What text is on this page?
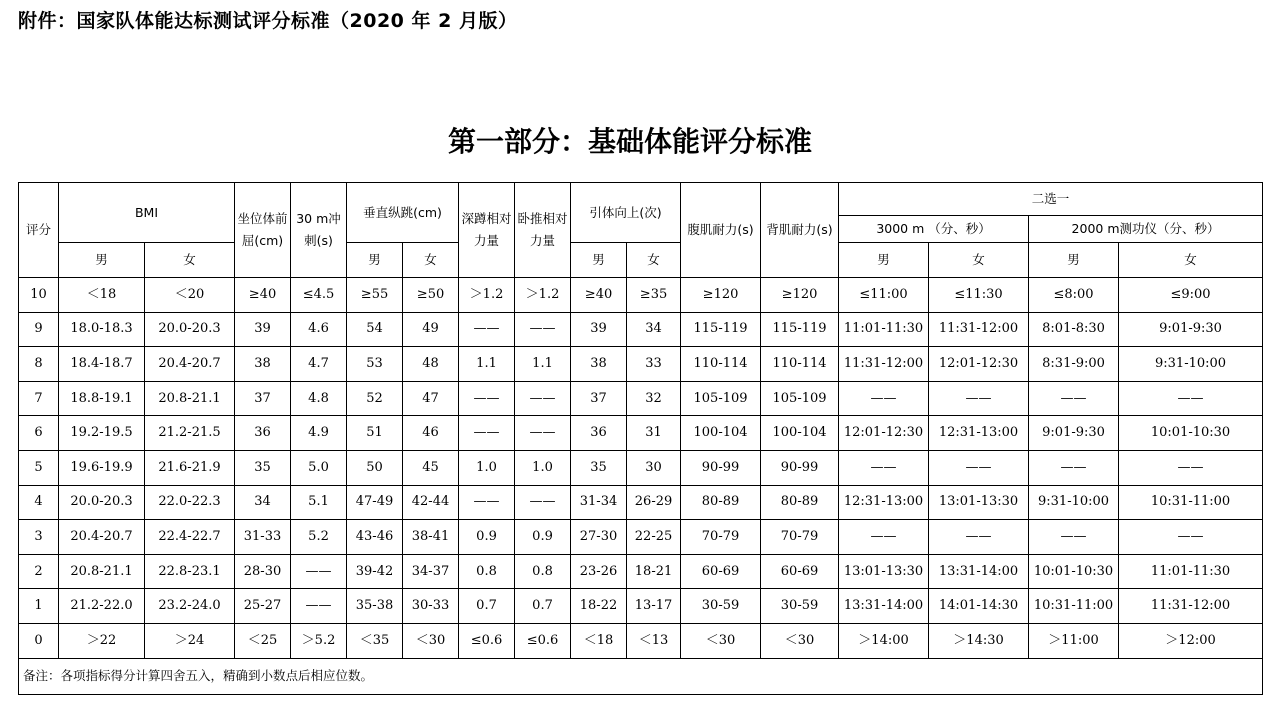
附件：国家队体能达标测试评分标准（2020 年 2 月版）
第一部分：基础体能评分标准
评分	BMI		坐位体前屈(cm)	30 m冲刺(s)	垂直纵跳(cm)		深蹲相对力量	卧推相对力量	引体向上(次)		腹肌耐力(s)	背肌耐力(s)	二选一			
													3000 m （分、秒）		2000 m测功仪（分、秒）	
	男	女			男	女			男	女			男	女	男	女
10	＜18	＜20	≥40	≤4.5	≥55	≥50	＞1.2	＞1.2	≥40	≥35	≥120	≥120	≤11:00	≤11:30	≤8:00	≤9:00
9	18.0-18.3	20.0-20.3	39	4.6	54	49	——	——	39	34	115-119	115-119	11:01-11:30	11:31-12:00	8:01-8:30	9:01-9:30
8	18.4-18.7	20.4-20.7	38	4.7	53	48	1.1	1.1	38	33	110-114	110-114	11:31-12:00	12:01-12:30	8:31-9:00	9:31-10:00
7	18.8-19.1	20.8-21.1	37	4.8	52	47	——	——	37	32	105-109	105-109	——	——	——	——
6	19.2-19.5	21.2-21.5	36	4.9	51	46	——	——	36	31	100-104	100-104	12:01-12:30	12:31-13:00	9:01-9:30	10:01-10:30
5	19.6-19.9	21.6-21.9	35	5.0	50	45	1.0	1.0	35	30	90-99	90-99	——	——	——	——
4	20.0-20.3	22.0-22.3	34	5.1	47-49	42-44	——	——	31-34	26-29	80-89	80-89	12:31-13:00	13:01-13:30	9:31-10:00	10:31-11:00
3	20.4-20.7	22.4-22.7	31-33	5.2	43-46	38-41	0.9	0.9	27-30	22-25	70-79	70-79	——	——	——	——
2	20.8-21.1	22.8-23.1	28-30	——	39-42	34-37	0.8	0.8	23-26	18-21	60-69	60-69	13:01-13:30	13:31-14:00	10:01-10:30	11:01-11:30
1	21.2-22.0	23.2-24.0	25-27	——	35-38	30-33	0.7	0.7	18-22	13-17	30-59	30-59	13:31-14:00	14:01-14:30	10:31-11:00	11:31-12:00
0	＞22	＞24	＜25	＞5.2	＜35	＜30	≤0.6	≤0.6	＜18	＜13	＜30	＜30	＞14:00	＞14:30	＞11:00	＞12:00
备注：各项指标得分计算四舍五入，精确到小数点后相应位数。																
